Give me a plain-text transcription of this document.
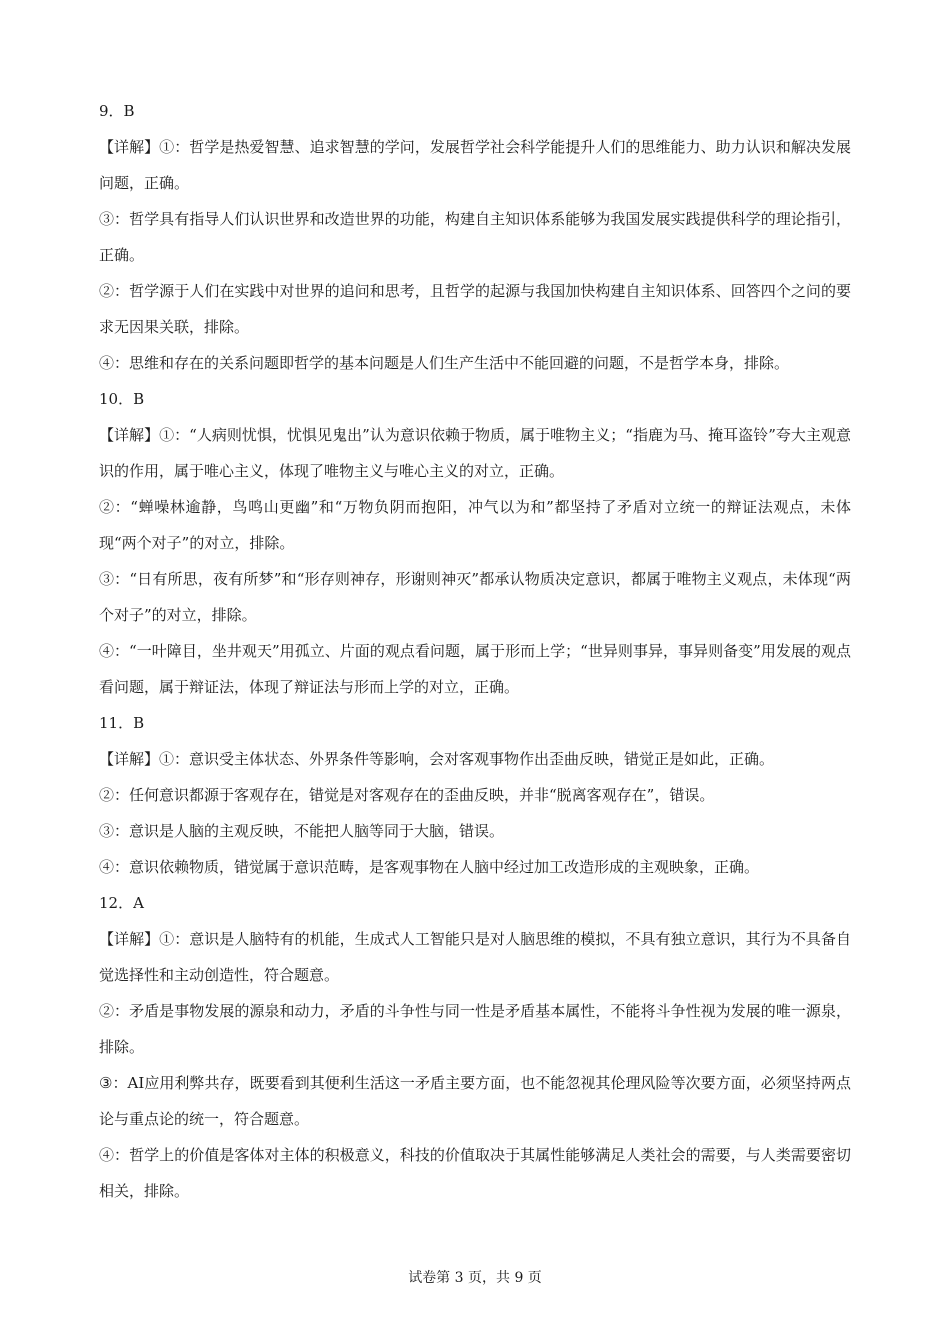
9．B

【详解】①：哲学是热爱智慧、追求智慧的学问，发展哲学社会科学能提升人们的思维能力、助力认识和解决发展问题，正确。

③：哲学具有指导人们认识世界和改造世界的功能，构建自主知识体系能够为我国发展实践提供科学的理论指引，正确。

②：哲学源于人们在实践中对世界的追问和思考，且哲学的起源与我国加快构建自主知识体系、回答四个之问的要求无因果关联，排除。

④：思维和存在的关系问题即哲学的基本问题是人们生产生活中不能回避的问题，不是哲学本身，排除。

10．B

【详解】①：“人病则忧惧，忧惧见鬼出”认为意识依赖于物质，属于唯物主义；“指鹿为马、掩耳盗铃”夸大主观意识的作用，属于唯心主义，体现了唯物主义与唯心主义的对立，正确。

②：“蝉噪林逾静，鸟鸣山更幽”和“万物负阴而抱阳，冲气以为和”都坚持了矛盾对立统一的辩证法观点，未体现“两个对子”的对立，排除。

③：“日有所思，夜有所梦”和“形存则神存，形谢则神灭”都承认物质决定意识，都属于唯物主义观点，未体现“两个对子”的对立，排除。

④：“一叶障目，坐井观天”用孤立、片面的观点看问题，属于形而上学；“世异则事异，事异则备变”用发展的观点看问题，属于辩证法，体现了辩证法与形而上学的对立，正确。

11．B

【详解】①：意识受主体状态、外界条件等影响，会对客观事物作出歪曲反映，错觉正是如此，正确。

②：任何意识都源于客观存在，错觉是对客观存在的歪曲反映，并非“脱离客观存在”，错误。

③：意识是人脑的主观反映，不能把人脑等同于大脑，错误。

④：意识依赖物质，错觉属于意识范畴，是客观事物在人脑中经过加工改造形成的主观映象，正确。

12．A

【详解】①：意识是人脑特有的机能，生成式人工智能只是对人脑思维的模拟，不具有独立意识，其行为不具备自觉选择性和主动创造性，符合题意。

②：矛盾是事物发展的源泉和动力，矛盾的斗争性与同一性是矛盾基本属性，不能将斗争性视为发展的唯一源泉，排除。

③：AI应用利弊共存，既要看到其便利生活这一矛盾主要方面，也不能忽视其伦理风险等次要方面，必须坚持两点论与重点论的统一，符合题意。

④：哲学上的价值是客体对主体的积极意义，科技的价值取决于其属性能够满足人类社会的需要，与人类需要密切相关，排除。

试卷第 3 页，共 9 页
